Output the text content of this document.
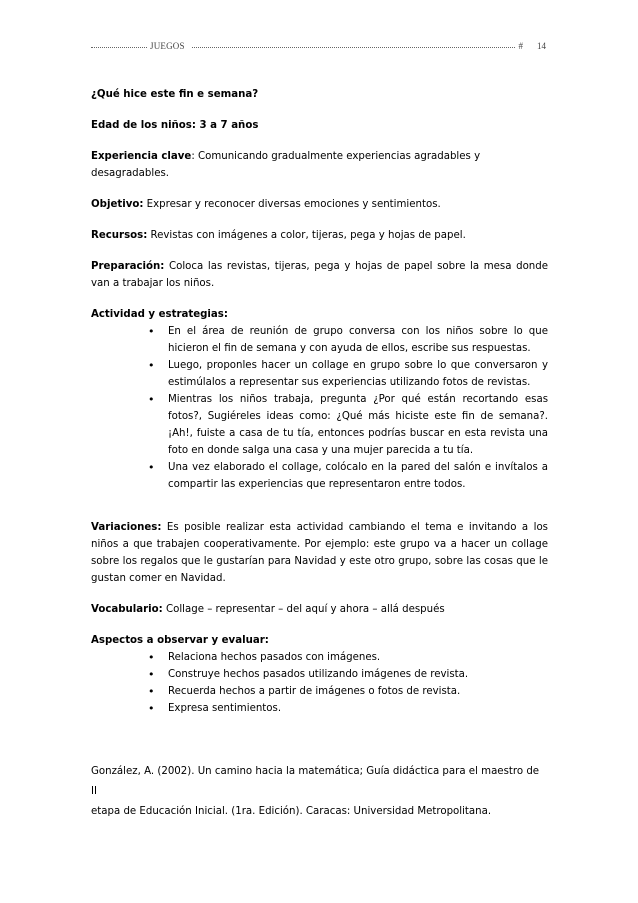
JUEGOS	# 14

¿Qué hice este fin e semana?

Edad de los niños: 3 a 7 años

Experiencia clave: Comunicando gradualmente experiencias agradables y desagradables.

Objetivo: Expresar y reconocer diversas emociones y sentimientos.

Recursos: Revistas con imágenes a color, tijeras, pega y hojas de papel.

Preparación: Coloca las revistas, tijeras, pega y hojas de papel sobre la mesa donde van a trabajar los niños.

Actividad y estrategias:

• En el área de reunión de grupo conversa con los niños sobre lo que hicieron el fin de semana y con ayuda de ellos, escribe sus respuestas.
• Luego, proponles hacer un collage en grupo sobre lo que conversaron y estimúlalos a representar sus experiencias utilizando fotos de revistas.
• Mientras los niños trabaja, pregunta ¿Por qué están recortando esas fotos?, Sugiéreles ideas como: ¿Qué más hiciste este fin de semana?. ¡Ah!, fuiste a casa de tu tía, entonces podrías buscar en esta revista una foto en donde salga una casa y una mujer parecida a tu tía.
• Una vez elaborado el collage, colócalo en la pared del salón e invítalos a compartir las experiencias que representaron entre todos.

Variaciones: Es posible realizar esta actividad cambiando el tema e invitando a los niños a que trabajen cooperativamente. Por ejemplo: este grupo va a hacer un collage sobre los regalos que le gustarían para Navidad y este otro grupo, sobre las cosas que le gustan comer en Navidad.

Vocabulario: Collage – representar – del aquí y ahora – allá después

Aspectos a observar y evaluar:

• Relaciona hechos pasados con imágenes.
• Construye hechos pasados utilizando imágenes de revista.
• Recuerda hechos a partir de imágenes o fotos de revista.
• Expresa sentimientos.

González, A. (2002). Un camino hacia la matemática; Guía didáctica para el maestro de II

etapa de Educación Inicial. (1ra. Edición). Caracas: Universidad Metropolitana.
